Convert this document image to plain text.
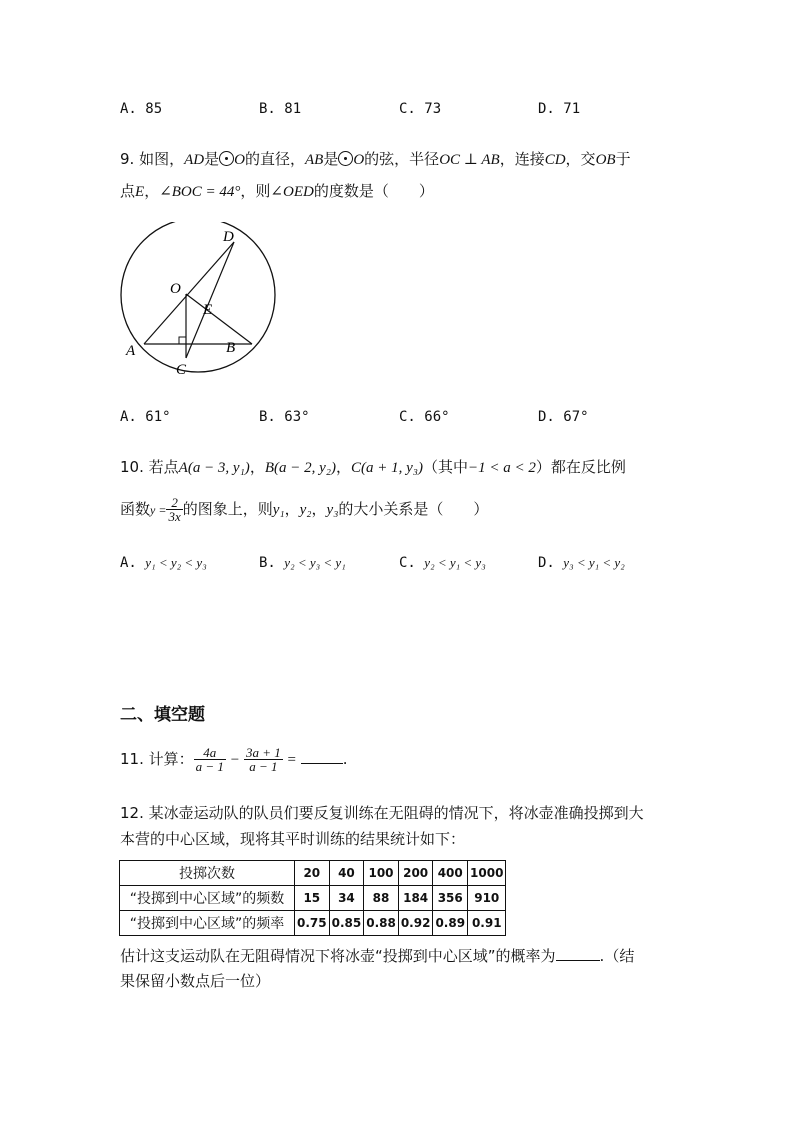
A. 85	B. 81	C. 73	D. 71
9. 如图，AD是 O的直径，AB是 O的弦，半径OC ⊥ AB，连接CD，交OB于
点E，∠BOC = 44°，则∠OED的度数是（　　）
D
O
E
A	B
C
A. 61°	B. 63°	C. 66°	D. 67°
10. 若点A(a − 3, y₁)，B(a − 2, y₂)，C(a + 1, y₃)（其中−1 < a < 2）都在反比例
函数$y = \frac{2}{3x}$ 的图象上，则y₁，y₂，y₃的大小关系是（　　）
A. y₁ < y₂ < y₃	B. y₂ < y₃ < y₁	C. y₂ < y₁ < y₃	D. y₃ < y₁ < y₂
二、填空题
11. 计算： $\frac{4a}{a - 1} - \frac{3a + 1}{a - 1}$ =	.
12. 某冰壶运动队的队员们要反复训练在无阻碍的情况下，将冰壶准确投掷到大
本营的中心区域，现将其平时训练的结果统计如下：
投掷次数	20	40	100	200	400	1000
“投掷到中心区域”的频数	15	34	88	184	356	910
“投掷到中心区域”的频率	0.75	0.85	0.88	0.92	0.89	0.91
估计这支运动队在无阻碍情况下将冰壶“投掷到中心区域”的概率为	.（结
果保留小数点后一位）
